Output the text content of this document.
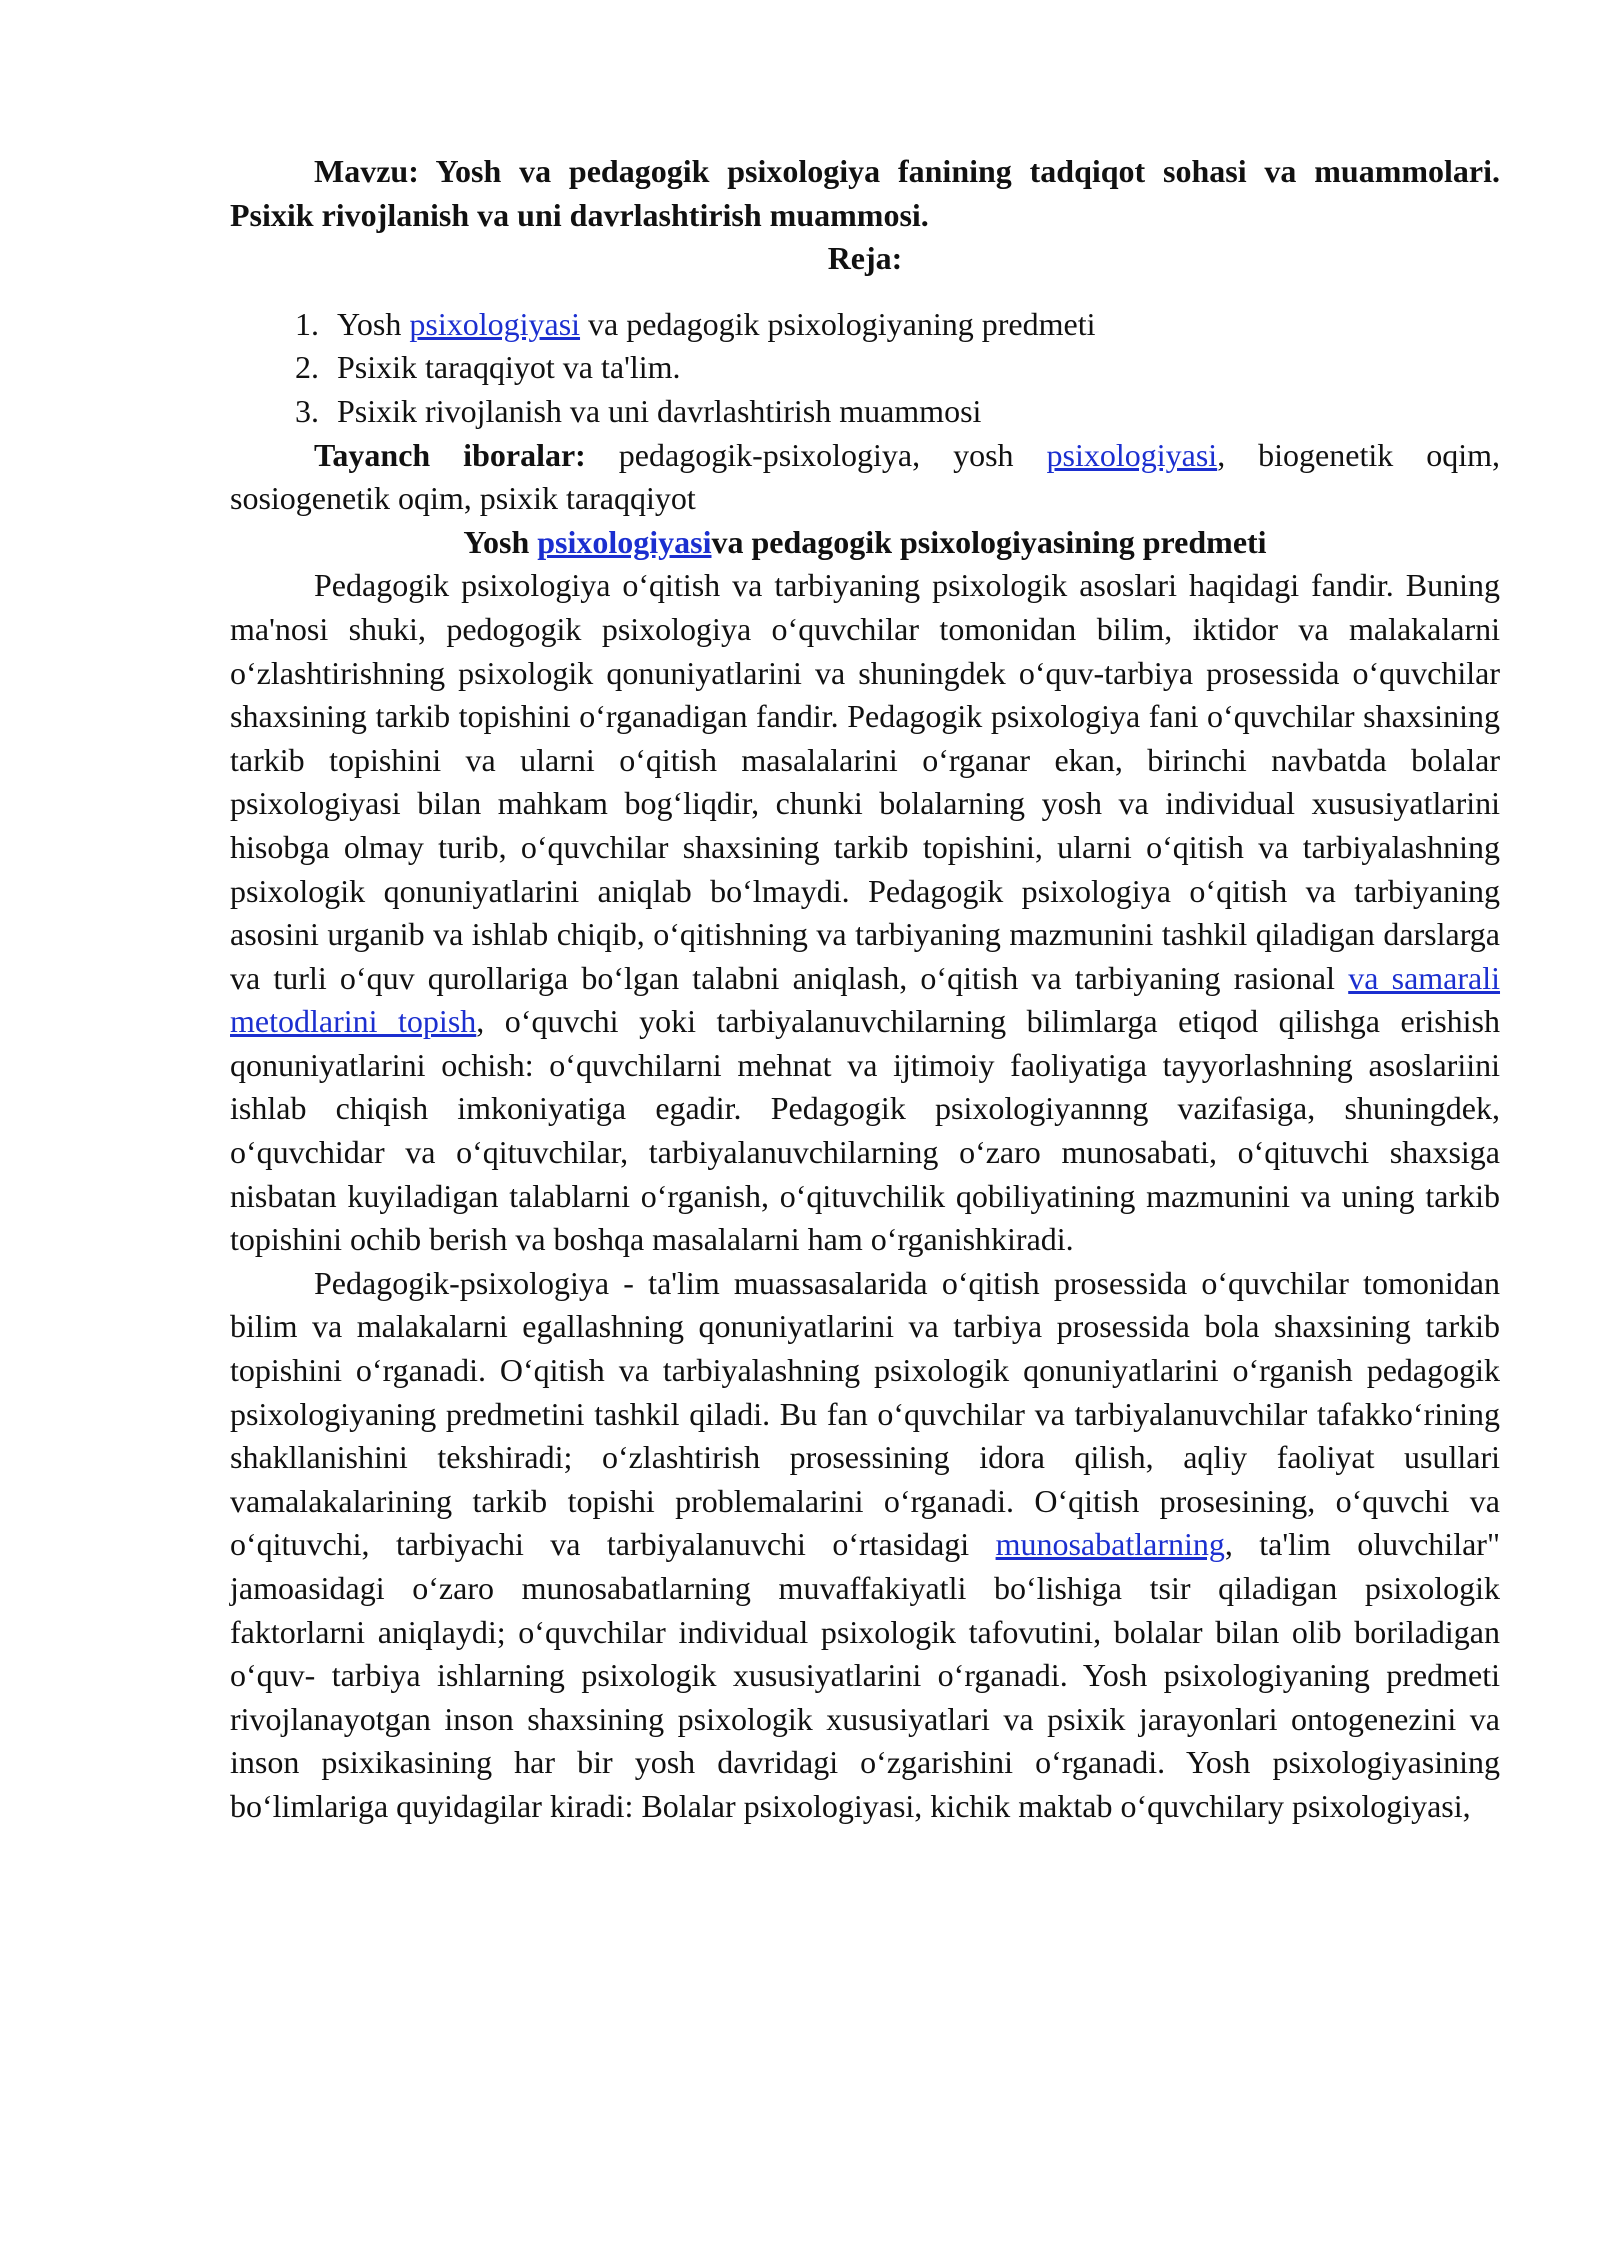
Mavzu: Yosh va pedagogik psixologiya fanining tadqiqot sohasi va muammolari. Psixik rivojlanish va uni davrlashtirish muammosi.
Reja:
1. Yosh psixologiyasi va pedagogik psixologiyaning predmeti
2. Psixik taraqqiyot va ta'lim.
3. Psixik rivojlanish va uni davrlashtirish muammosi
Tayanch iboralar: pedagogik-psixologiya, yosh psixologiyasi, biogenetik oqim, sosiogenetik oqim, psixik taraqqiyot
Yosh psixologiyasiva pedagogik psixologiyasining predmeti
Pedagogik psixologiya oʻqitish va tarbiyaning psixologik asoslari haqidagi fandir. Buning ma'nosi shuki, pedogogik psixologiya oʻquvchilar tomonidan bilim, iktidor va malakalarni oʻzlashtirishning psixologik qonuniyatlarini va shuningdek oʻquv-tarbiya prosessida oʻquvchilar shaxsining tarkib topishini oʻrganadigan fandir. Pedagogik psixologiya fani oʻquvchilar shaxsining tarkib topishini va ularni oʻqitish masalalarini oʻrganar ekan, birinchi navbatda bolalar psixologiyasi bilan mahkam bogʻliqdir, chunki bolalarning yosh va individual xususiyatlarini hisobga olmay turib, oʻquvchilar shaxsining tarkib topishini, ularni oʻqitish va tarbiyalashning psixologik qonuniyatlarini aniqlab boʻlmaydi. Pedagogik psixologiya oʻqitish va tarbiyaning asosini urganib va ishlab chiqib, oʻqitishning va tarbiyaning mazmunini tashkil qiladigan darslarga va turli oʻquv qurollariga boʻlgan talabni aniqlash, oʻqitish va tarbiyaning rasional va samarali metodlarini topish, oʻquvchi yoki tarbiyalanuvchilarning bilimlarga etiqod qilishga erishish qonuniyatlarini ochish: oʻquvchilarni mehnat va ijtimoiy faoliyatiga tayyorlashning asoslariini ishlab chiqish imkoniyatiga egadir. Pedagogik psixologiyannng vazifasiga, shuningdek, oʻquvchidar va oʻqituvchilar, tarbiyalanuvchilarning oʻzaro munosabati, oʻqituvchi shaxsiga nisbatan kuyiladigan talablarni oʻrganish, oʻqituvchilik qobiliyatining mazmunini va uning tarkib topishini ochib berish va boshqa masalalarni ham oʻrganishkiradi.
Pedagogik-psixologiya - ta'lim muassasalarida oʻqitish prosessida oʻquvchilar tomonidan bilim va malakalarni egallashning qonuniyatlarini va tarbiya prosessida bola shaxsining tarkib topishini oʻrganadi. Oʻqitish va tarbiyalashning psixologik qonuniyatlarini oʻrganish pedagogik psixologiyaning predmetini tashkil qiladi. Bu fan oʻquvchilar va tarbiyalanuvchilar tafakkoʻrining shakllanishini tekshiradi; oʻzlashtirish prosessining idora qilish, aqliy faoliyat usullari vamalakalarining tarkib topishi problemalarini oʻrganadi. Oʻqitish prosesining, oʻquvchi va oʻqituvchi, tarbiyachi va tarbiyalanuvchi oʻrtasidagi munosabatlarning, ta'lim oluvchilar" jamoasidagi oʻzaro munosabatlarning muvaffakiyatli boʻlishiga tsir qiladigan psixologik faktorlarni aniqlaydi; oʻquvchilar individual psixologik tafovutini, bolalar bilan olib boriladigan oʻquv- tarbiya ishlarning psixologik xususiyatlarini oʻrganadi. Yosh psixologiyaning predmeti rivojlanayotgan inson shaxsining psixologik xususiyatlari va psixik jarayonlari ontogenezini va inson psixikasining har bir yosh davridagi oʻzgarishini oʻrganadi. Yosh psixologiyasining boʻlimlariga quyidagilar kiradi: Bolalar psixologiyasi, kichik maktab oʻquvchilary psixologiyasi,
